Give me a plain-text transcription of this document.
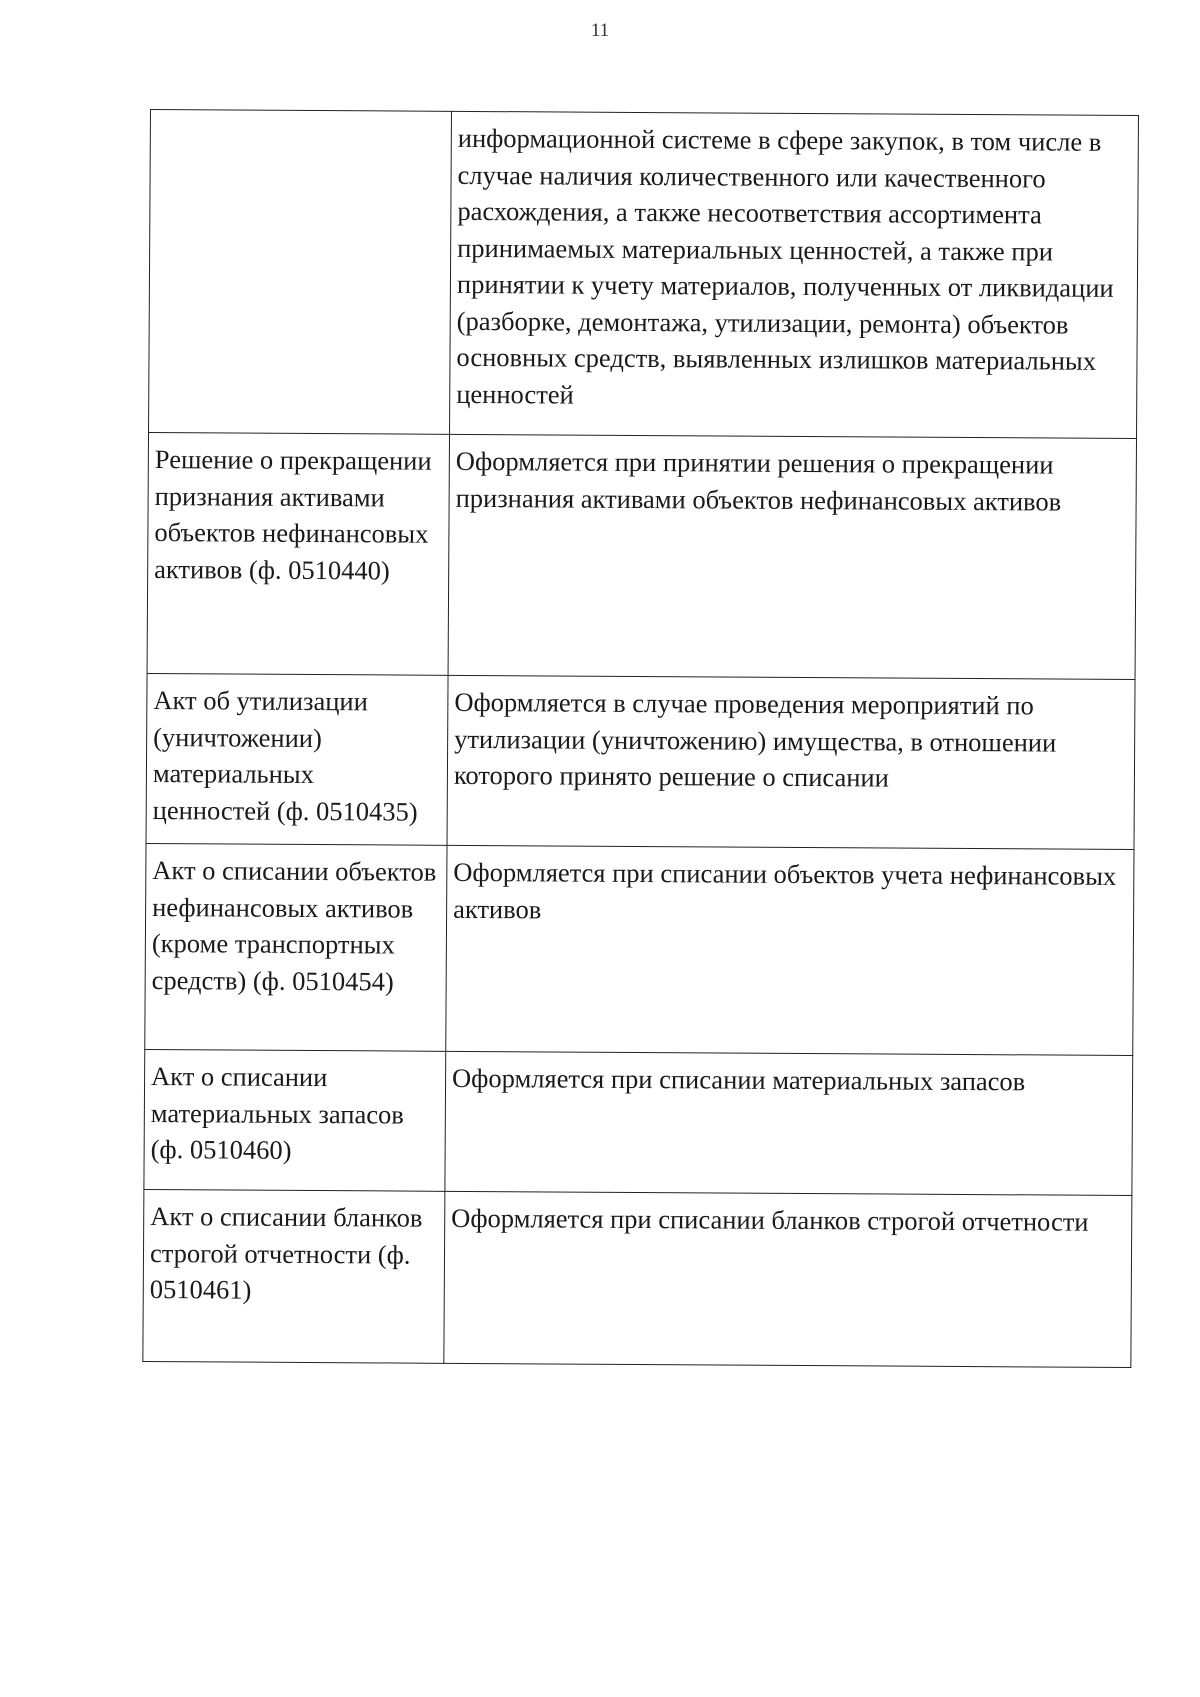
11
	информационной системе в сфере закупок, в том числе в случае наличия количественного или качественного расхождения, а также несоответствия ассортимента принимаемых материальных ценностей, а также при принятии к учету материалов, полученных от ликвидации (разборке, демонтажа, утилизации, ремонта) объектов основных средств, выявленных излишков материальных ценностей
Решение о прекращении признания активами объектов нефинансовых активов (ф. 0510440)	Оформляется при принятии решения о прекращении признания активами объектов нефинансовых активов
Акт об утилизации (уничтожении) материальных ценностей (ф. 0510435)	Оформляется в случае проведения мероприятий по утилизации (уничтожению) имущества, в отношении которого принято решение о списании
Акт о списании объектов нефинансовых активов (кроме транспортных средств) (ф. 0510454)	Оформляется при списании объектов учета нефинансовых активов
Акт о списании материальных запасов (ф. 0510460)	Оформляется при списании материальных запасов
Акт о списании бланков строгой отчетности (ф. 0510461)	Оформляется при списании бланков строгой отчетности
